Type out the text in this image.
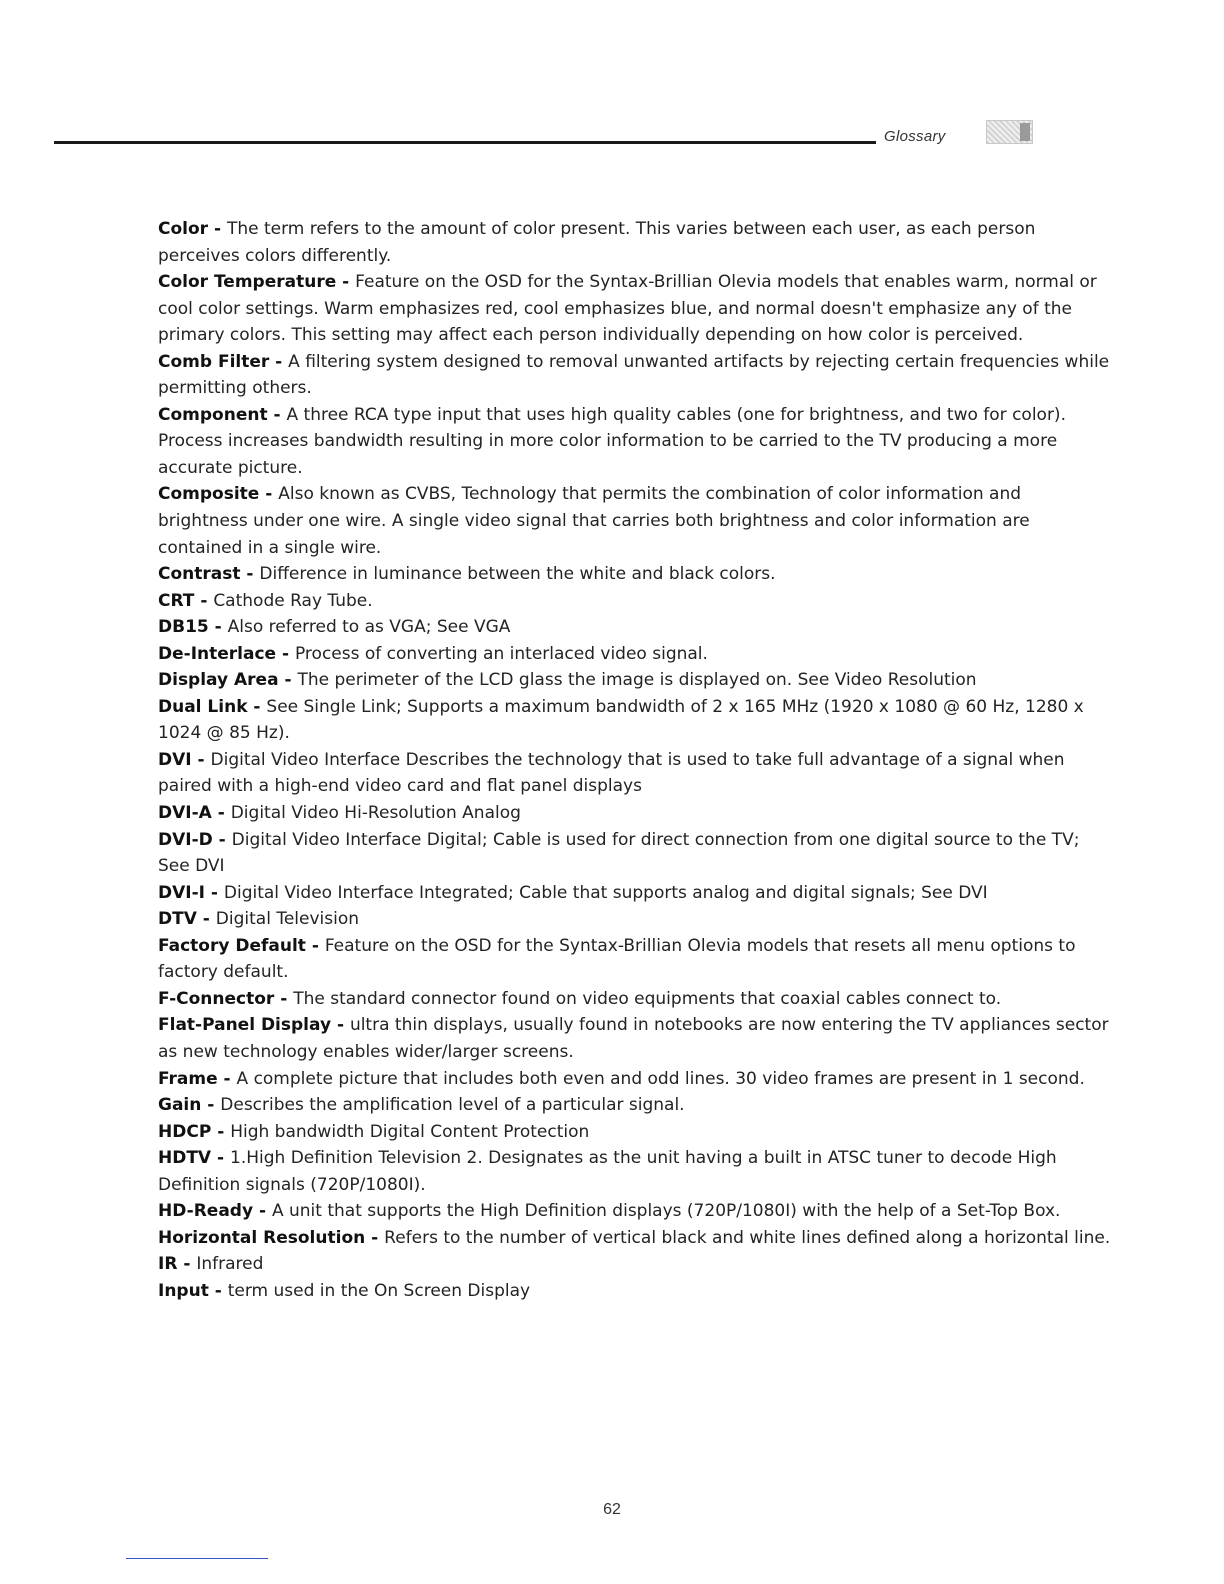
Glossary
Color - The term refers to the amount of color present. This varies between each user, as each person perceives colors differently.
Color Temperature - Feature on the OSD for the Syntax-Brillian Olevia models that enables warm, normal or cool color settings. Warm emphasizes red, cool emphasizes blue, and normal doesn't emphasize any of the primary colors. This setting may affect each person individually depending on how color is perceived.
Comb Filter - A filtering system designed to removal unwanted artifacts by rejecting certain frequencies while permitting others.
Component - A three RCA type input that uses high quality cables (one for brightness, and two for color). Process increases bandwidth resulting in more color information to be carried to the TV producing a more accurate picture.
Composite - Also known as CVBS, Technology that permits the combination of color information and brightness under one wire. A single video signal that carries both brightness and color information are contained in a single wire.
Contrast - Difference in luminance between the white and black colors.
CRT - Cathode Ray Tube.
DB15 - Also referred to as VGA; See VGA
De-Interlace - Process of converting an interlaced video signal.
Display Area - The perimeter of the LCD glass the image is displayed on. See Video Resolution
Dual Link - See Single Link; Supports a maximum bandwidth of 2 x 165 MHz (1920 x 1080 @ 60 Hz, 1280 x 1024 @ 85 Hz).
DVI - Digital Video Interface Describes the technology that is used to take full advantage of a signal when paired with a high-end video card and flat panel displays
DVI-A - Digital Video Hi-Resolution Analog
DVI-D - Digital Video Interface Digital; Cable is used for direct connection from one digital source to the TV; See DVI
DVI-I - Digital Video Interface Integrated; Cable that supports analog and digital signals; See DVI
DTV - Digital Television
Factory Default - Feature on the OSD for the Syntax-Brillian Olevia models that resets all menu options to factory default.
F-Connector - The standard connector found on video equipments that coaxial cables connect to.
Flat-Panel Display - ultra thin displays, usually found in notebooks are now entering the TV appliances sector as new technology enables wider/larger screens.
Frame - A complete picture that includes both even and odd lines. 30 video frames are present in 1 second.
Gain - Describes the amplification level of a particular signal.
HDCP - High bandwidth Digital Content Protection
HDTV - 1.High Definition Television 2. Designates as the unit having a built in ATSC tuner to decode High Definition signals (720P/1080I).
HD-Ready - A unit that supports the High Definition displays (720P/1080I) with the help of a Set-Top Box.
Horizontal Resolution - Refers to the number of vertical black and white lines defined along a horizontal line.
IR - Infrared
Input - term used in the On Screen Display
62
